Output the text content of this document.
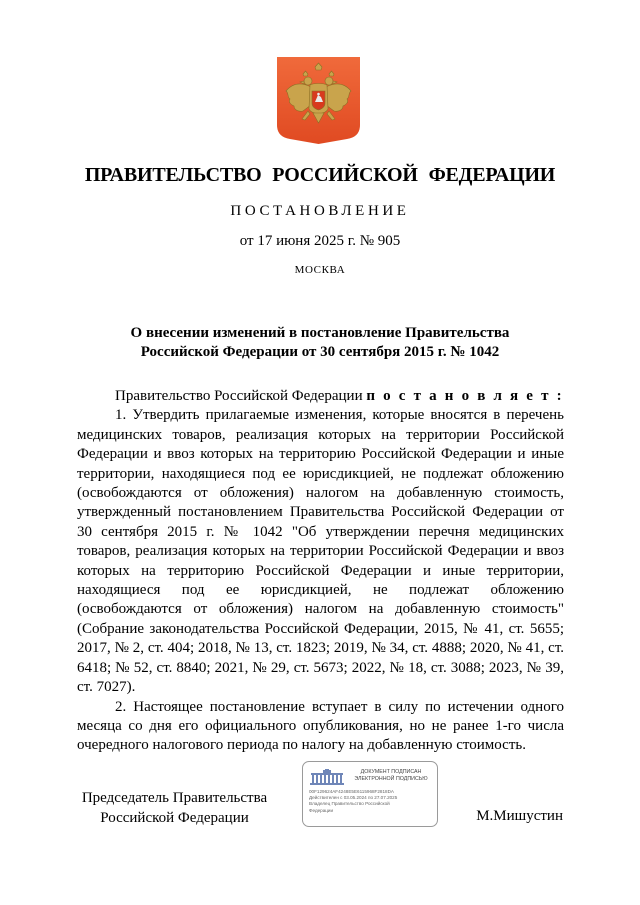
ПРАВИТЕЛЬСТВО РОССИЙСКОЙ ФЕДЕРАЦИИ
ПОСТАНОВЛЕНИЕ
от 17 июня 2025 г. № 905
МОСКВА
О внесении изменений в постановление Правительства
Российской Федерации от 30 сентября 2015 г. № 1042

Правительство Российской Федерации п о с т а н о в л я е т :

1. Утвердить прилагаемые изменения, которые вносятся в перечень медицинских товаров, реализация которых на территории Российской Федерации и ввоз которых на территорию Российской Федерации и иные территории, находящиеся под ее юрисдикцией, не подлежат обложению (освобождаются от обложения) налогом на добавленную стоимость, утвержденный постановлением Правительства Российской Федерации от 30 сентября 2015 г. № 1042 "Об утверждении перечня медицинских товаров, реализация которых на территории Российской Федерации и ввоз которых на территорию Российской Федерации и иные территории, находящиеся под ее юрисдикцией, не подлежат обложению (освобождаются от обложения) налогом на добавленную стоимость" (Собрание законодательства Российской Федерации, 2015, № 41, ст. 5655; 2017, № 2, ст. 404; 2018, № 13, ст. 1823; 2019, № 34, ст. 4888; 2020, № 41, ст. 6418; № 52, ст. 8840; 2021, № 29, ст. 5673; 2022, № 18, ст. 3088; 2023, № 39, ст. 7027).

2. Настоящее постановление вступает в силу по истечении одного месяца со дня его официального опубликования, но не ранее 1-го числа очередного налогового периода по налогу на добавленную стоимость.

Председатель Правительства
Российской Федерации
ДОКУМЕНТ ПОДПИСАН
ЭЛЕКТРОННОЙ ПОДПИСЬЮ
00F129624AF4248E5E6115968F2818DA
Действителен с 03.05.2024 по 27.07.2025
Владелец Правительство Российской
Федерации	М.Мишустин
